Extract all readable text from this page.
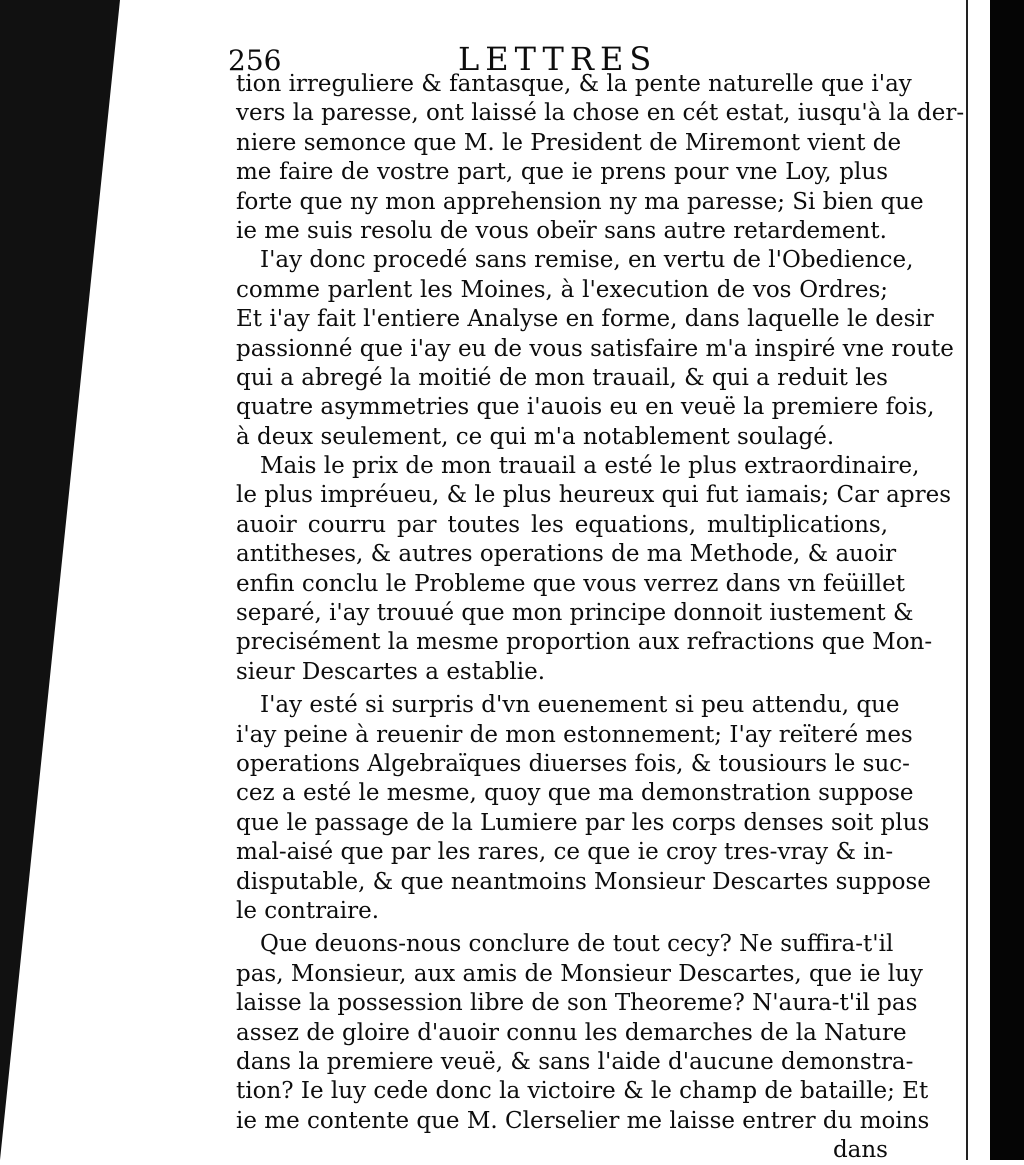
256	LETTRES
tion irreguliere & fantasque, & la pente naturelle que i'ay
vers la paresse, ont laissé la chose en cét estat, iusqu'à la der-
niere semonce que M. le President de Miremont vient de
me faire de vostre part, que ie prens pour vne Loy, plus
forte que ny mon apprehension ny ma paresse; Si bien que
ie me suis resolu de vous obeïr sans autre retardement.
I'ay donc procedé sans remise, en vertu de l'Obedience,
comme parlent les Moines, à l'execution de vos Ordres;
Et i'ay fait l'entiere Analyse en forme, dans laquelle le desir
passionné que i'ay eu de vous satisfaire m'a inspiré vne route
qui a abregé la moitié de mon trauail, & qui a reduit les
quatre asymmetries que i'auois eu en veuë la premiere fois,
à deux seulement, ce qui m'a notablement soulagé.
Mais le prix de mon trauail a esté le plus extraordinaire,
le plus impréueu, & le plus heureux qui fut iamais; Car apres
auoir courru par toutes les equations, multiplications,
antitheses, & autres operations de ma Methode, & auoir
enfin conclu le Probleme que vous verrez dans vn feüillet
separé, i'ay trouué que mon principe donnoit iustement &
precisément la mesme proportion aux refractions que Mon-
sieur Descartes a establie.
I'ay esté si surpris d'vn euenement si peu attendu, que
i'ay peine à reuenir de mon estonnement; I'ay reïteré mes
operations Algebraïques diuerses fois, & tousiours le suc-
cez a esté le mesme, quoy que ma demonstration suppose
que le passage de la Lumiere par les corps denses soit plus
mal-aisé que par les rares, ce que ie croy tres-vray & in-
disputable, & que neantmoins Monsieur Descartes suppose
le contraire.
Que deuons-nous conclure de tout cecy? Ne suffira-t'il
pas, Monsieur, aux amis de Monsieur Descartes, que ie luy
laisse la possession libre de son Theoreme? N'aura-t'il pas
assez de gloire d'auoir connu les demarches de la Nature
dans la premiere veuë, & sans l'aide d'aucune demonstra-
tion? Ie luy cede donc la victoire & le champ de bataille; Et
ie me contente que M. Clerselier me laisse entrer du moins
dans
